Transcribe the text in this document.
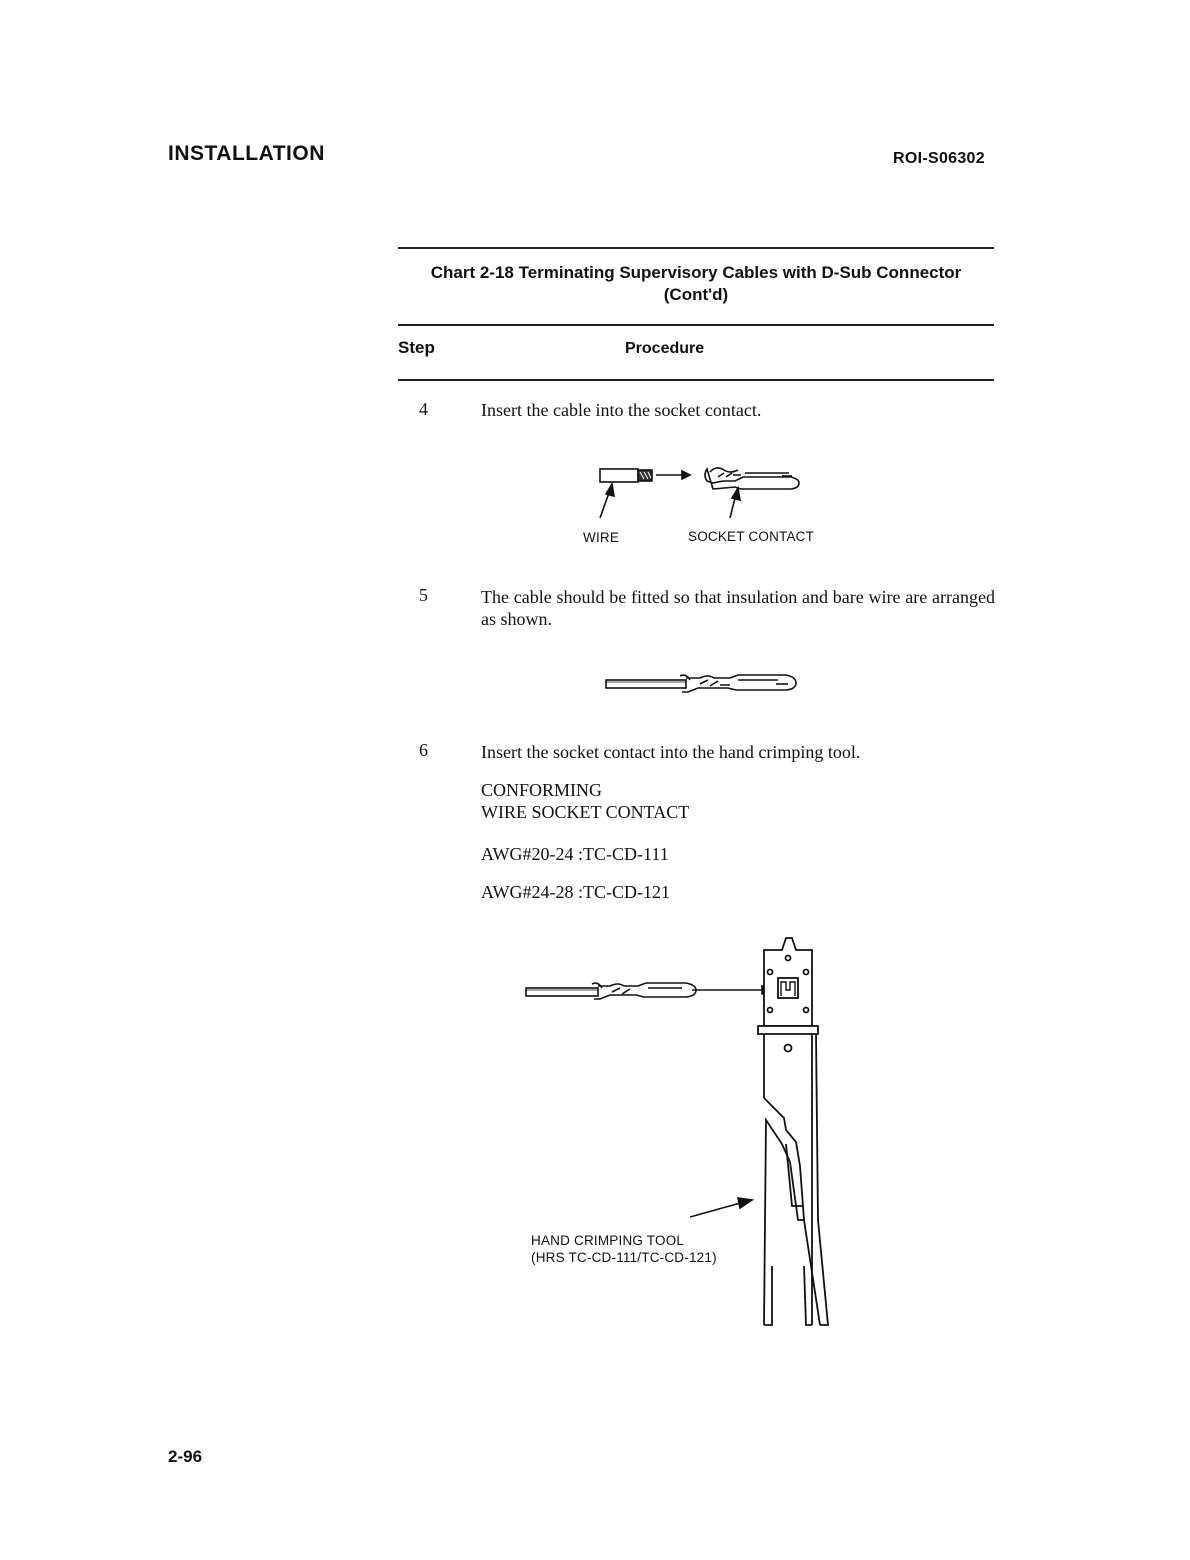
INSTALLATION	ROI-S06302
Chart 2-18 Terminating Supervisory Cables with D-Sub Connector
(Cont'd)
Step	Procedure
4	Insert the cable into the socket contact.
WIRE	SOCKET CONTACT
5	The cable should be fitted so that insulation and bare wire are arranged as shown.
6	Insert the socket contact into the hand crimping tool.
CONFORMING
WIRE SOCKET CONTACT
AWG#20-24 :TC-CD-111
AWG#24-28 :TC-CD-121
HAND CRIMPING TOOL
(HRS TC-CD-111/TC-CD-121)
2-96
